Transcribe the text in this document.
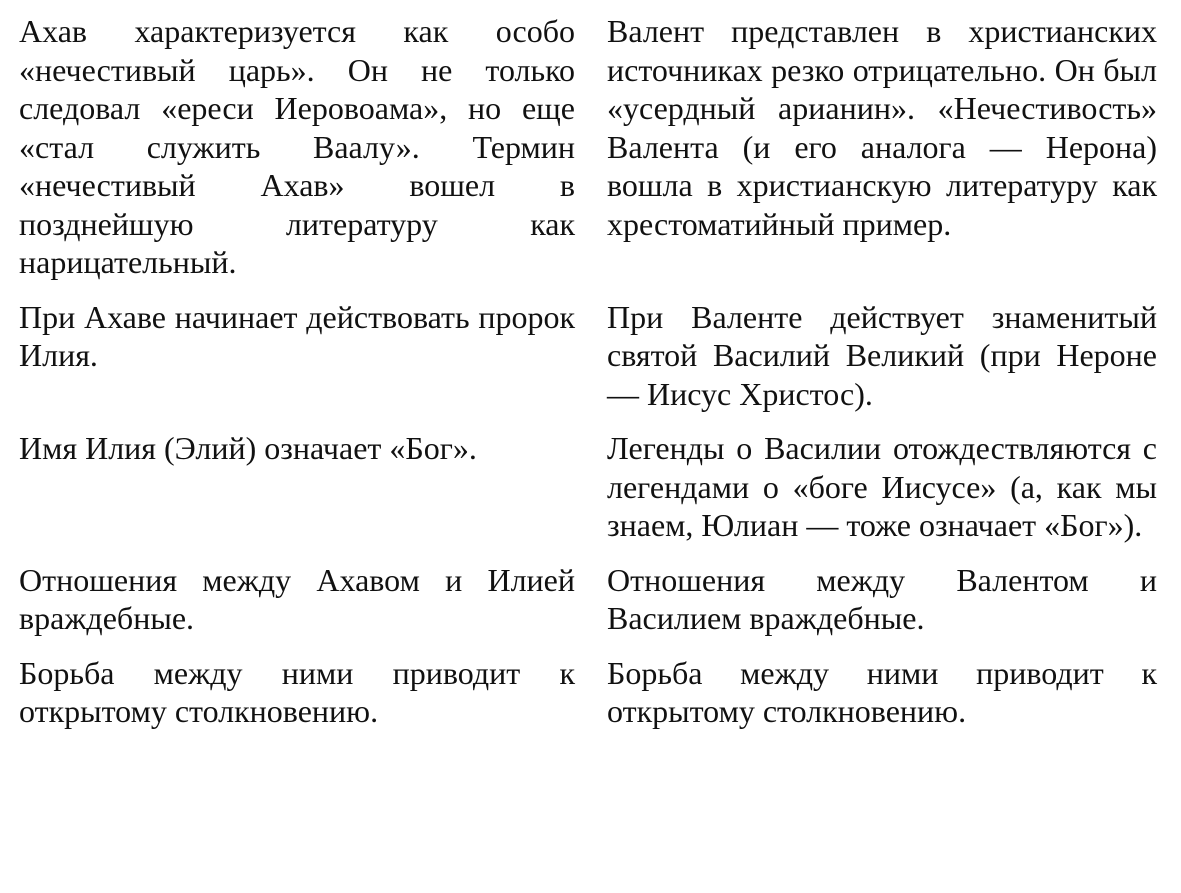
Ахав характеризуется как особо «нечестивый царь». Он не только следовал «ереси Иеровоама», но еще «стал служить Ваалу». Термин «нечестивый Ахав» вошел в позднейшую литературу как нарицательный.

Валент представлен в христианских источниках резко отрицательно. Он был «усердный арианин». «Нечестивость» Валента (и его аналога — Нерона) вошла в христианскую литературу как хрестоматийный пример.

При Ахаве начинает действовать пророк Илия.

При Валенте действует знаменитый святой Василий Великий (при Нероне — Иисус Христос).

Имя Илия (Элий) означает «Бог».	Легенды о Василии отождествляются с легендами о «боге Иисусе» (а, как мы знаем, Юлиан — тоже означает «Бог»).

Отношения между Ахавом и Илией враждебные.

Отношения между Валентом и Василием враждебные.

Борьба между ними приводит к открытому столкновению.

Борьба между ними приводит к открытому столкновению.
